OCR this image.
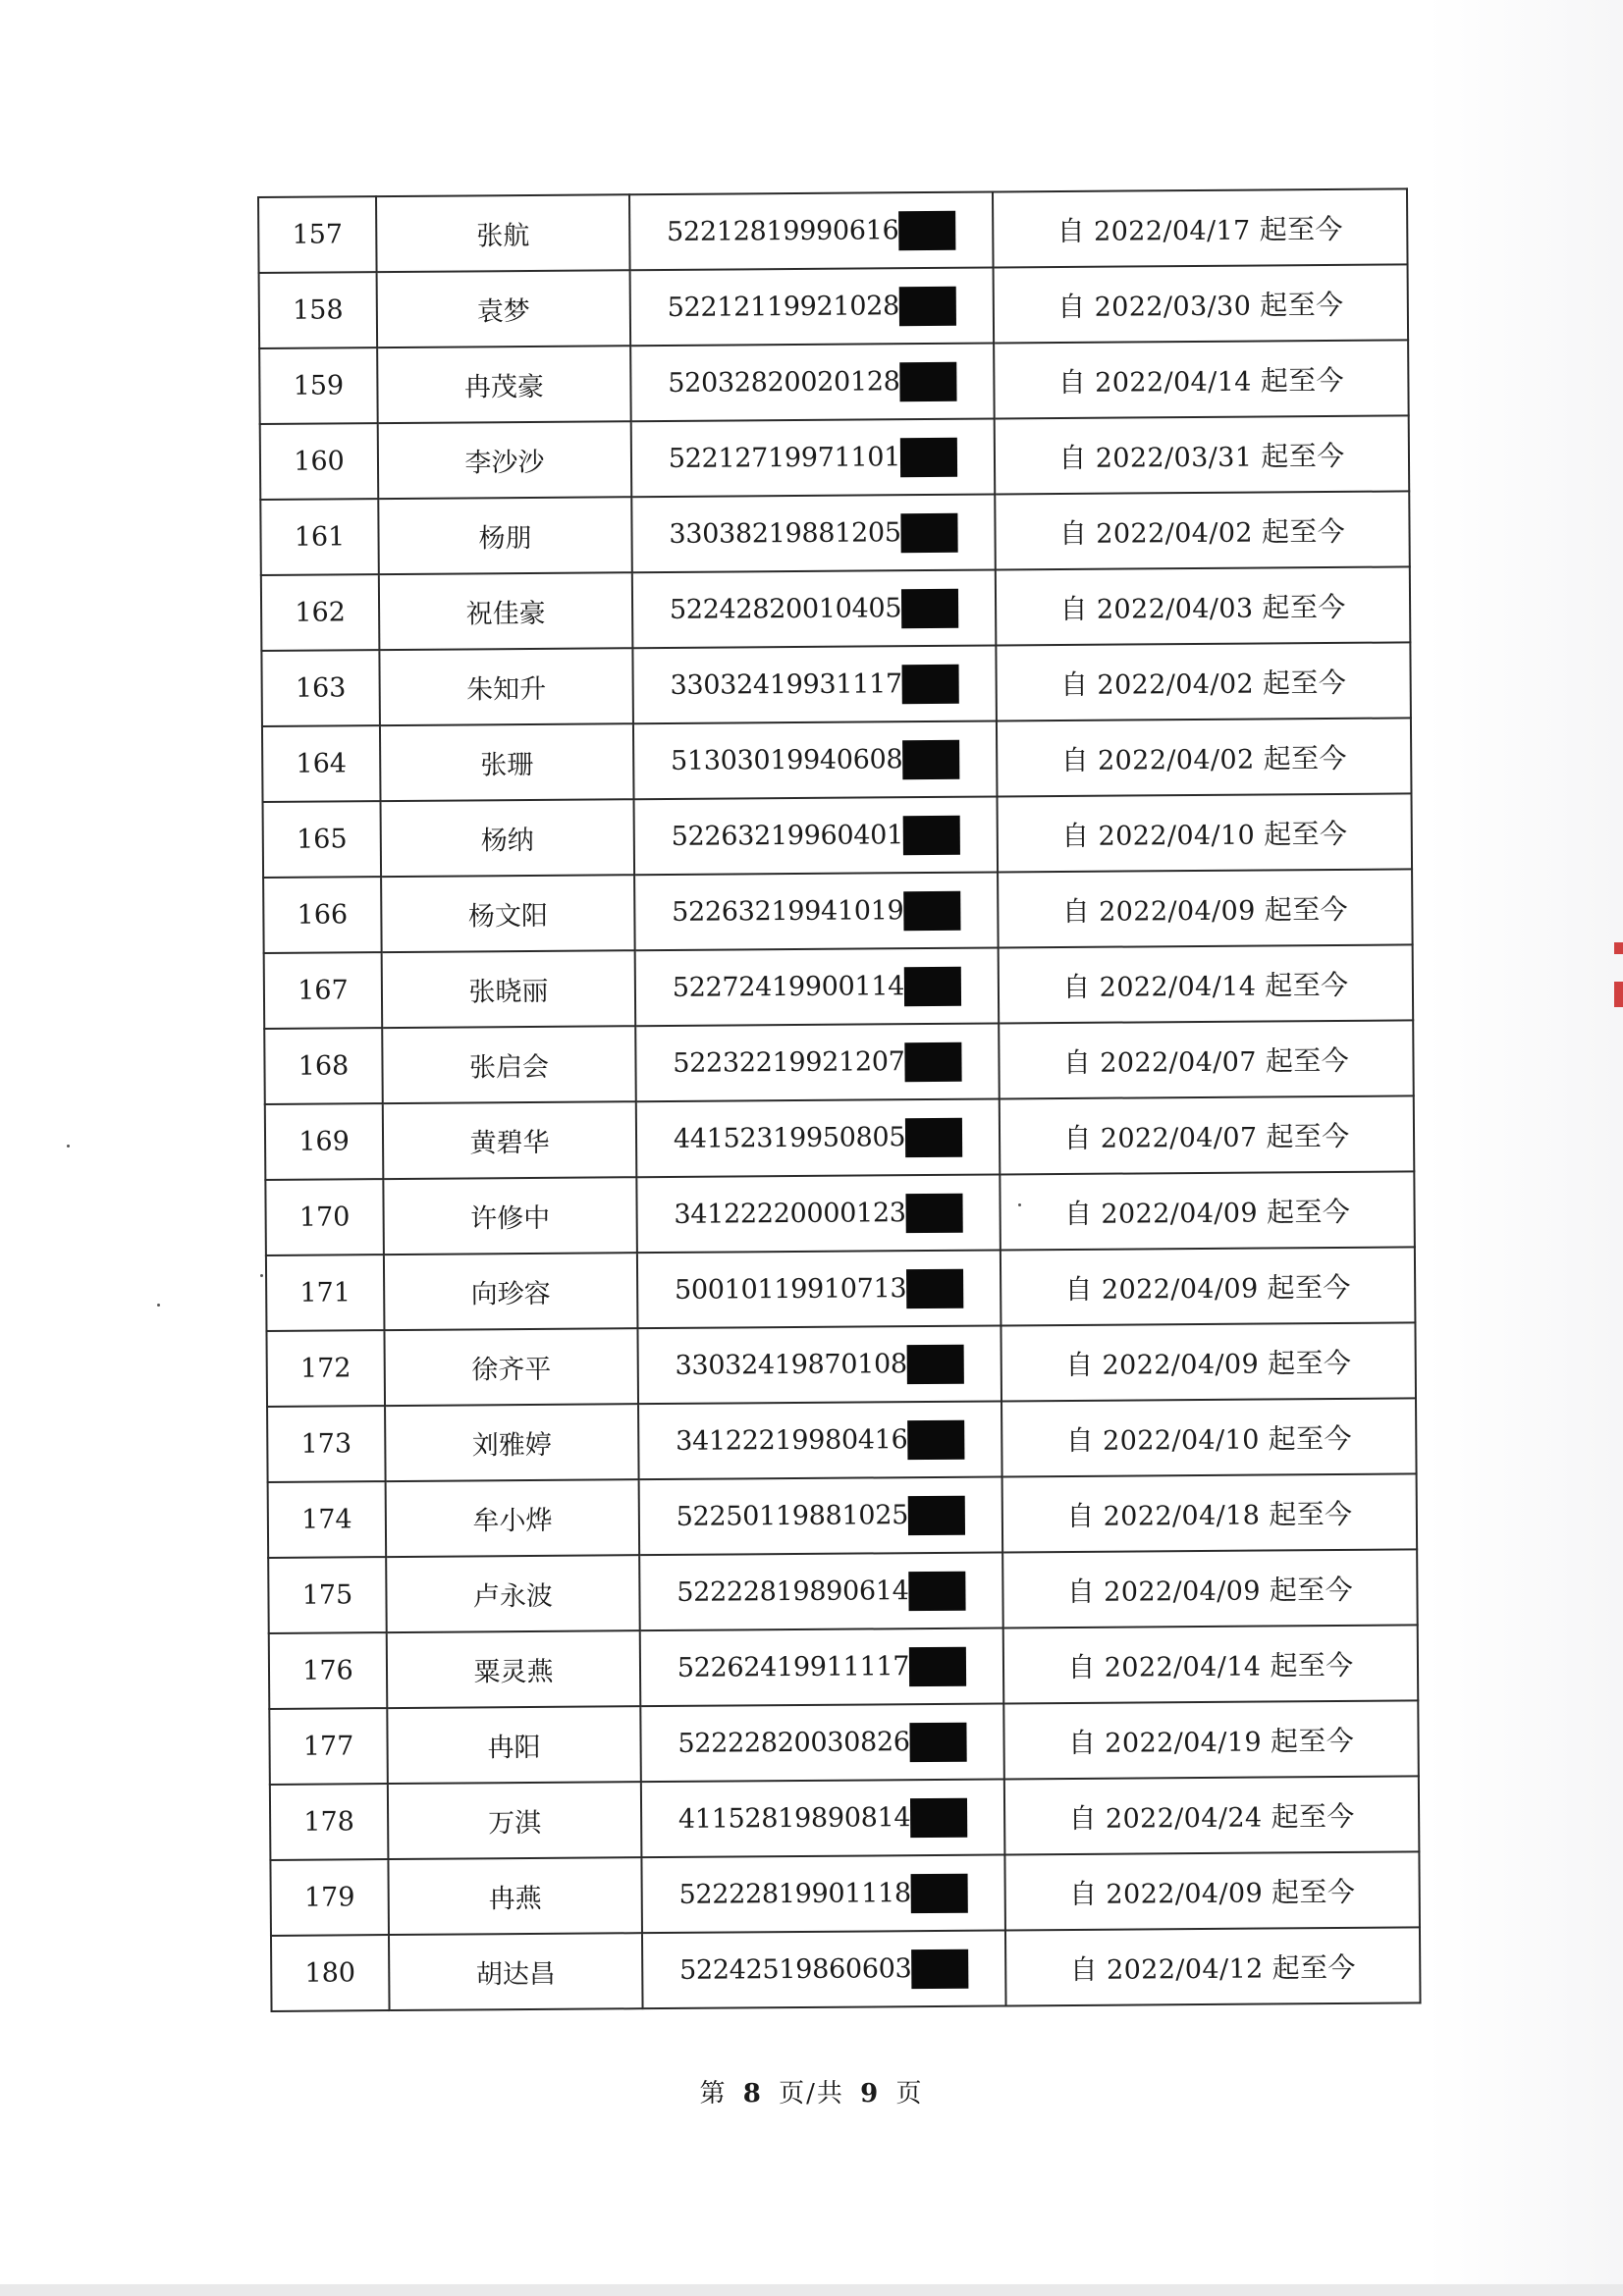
157	张航	52212819990616	自 2022/04/17 起至今
158	袁梦	52212119921028	自 2022/03/30 起至今
159	冉茂豪	52032820020128	自 2022/04/14 起至今
160	李沙沙	52212719971101	自 2022/03/31 起至今
161	杨朋	33038219881205	自 2022/04/02 起至今
162	祝佳豪	52242820010405	自 2022/04/03 起至今
163	朱知升	33032419931117	自 2022/04/02 起至今
164	张珊	51303019940608	自 2022/04/02 起至今
165	杨纳	52263219960401	自 2022/04/10 起至今
166	杨文阳	52263219941019	自 2022/04/09 起至今
167	张晓丽	52272419900114	自 2022/04/14 起至今
168	张启会	52232219921207	自 2022/04/07 起至今
169	黄碧华	44152319950805	自 2022/04/07 起至今
170	许修中	34122220000123	自 2022/04/09 起至今
171	向珍容	50010119910713	自 2022/04/09 起至今
172	徐齐平	33032419870108	自 2022/04/09 起至今
173	刘雅婷	34122219980416	自 2022/04/10 起至今
174	牟小烨	52250119881025	自 2022/04/18 起至今
175	卢永波	52222819890614	自 2022/04/09 起至今
176	粟灵燕	52262419911117	自 2022/04/14 起至今
177	冉阳	52222820030826	自 2022/04/19 起至今
178	万淇	41152819890814	自 2022/04/24 起至今
179	冉燕	52222819901118	自 2022/04/09 起至今
180	胡达昌	52242519860603	自 2022/04/12 起至今
第 8 页/共 9 页
